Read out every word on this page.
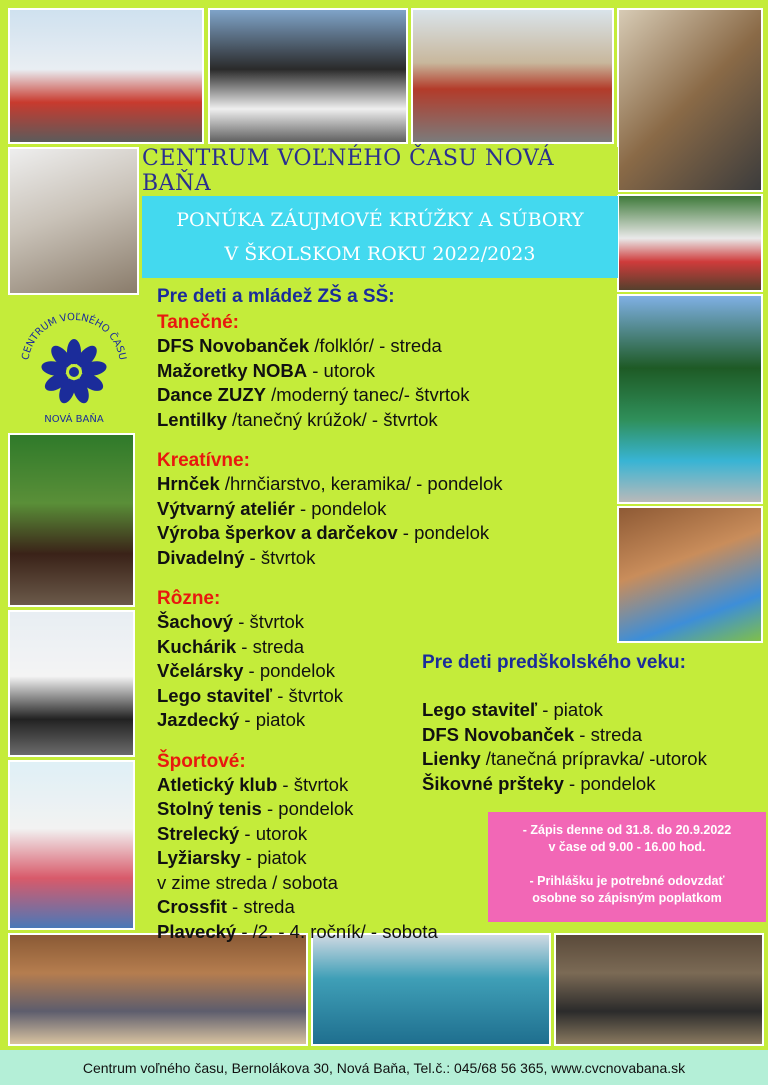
CENTRUM VOĽNÉHO ČASU NOVÁ BAŇA
PONÚKA ZÁUJMOVÉ KRÚŽKY A SÚBORY
V ŠKOLSKOM ROKU 2022/2023
CENTRUM VOĽNÉHO ČASU
NOVÁ BAŇA
Pre deti a mládež ZŠ a SŠ:
Tanečné:
DFS Novobanček /folklór/ - streda
Mažoretky NOBA - utorok
Dance ZUZY /moderný tanec/- štvrtok
Lentilky /tanečný krúžok/ - štvrtok
Kreatívne:
Hrnček /hrnčiarstvo, keramika/ - pondelok
Výtvarný ateliér - pondelok
Výroba šperkov a darčekov - pondelok
Divadelný - štvrtok
Rôzne:
Šachový - štvrtok
Kuchárik - streda
Včelársky - pondelok
Lego staviteľ - štvrtok
Jazdecký - piatok
Športové:
Atletický klub - štvrtok
Stolný tenis - pondelok
Strelecký - utorok
Lyžiarsky - piatok
v zime streda / sobota
Crossfit - streda
Plavecký - /2. - 4. ročník/ - sobota
Pre deti predškolského veku:
Lego staviteľ - piatok
DFS Novobanček - streda
Lienky /tanečná prípravka/ -utorok
Šikovné pršteky - pondelok
- Zápis denne od 31.8. do 20.9.2022
v čase od 9.00 - 16.00 hod.
- Prihlášku je potrebné odovzdať
osobne so zápisným poplatkom
Centrum voľného času, Bernolákova 30, Nová Baňa, Tel.č.: 045/68 56 365, www.cvcnovabana.sk
